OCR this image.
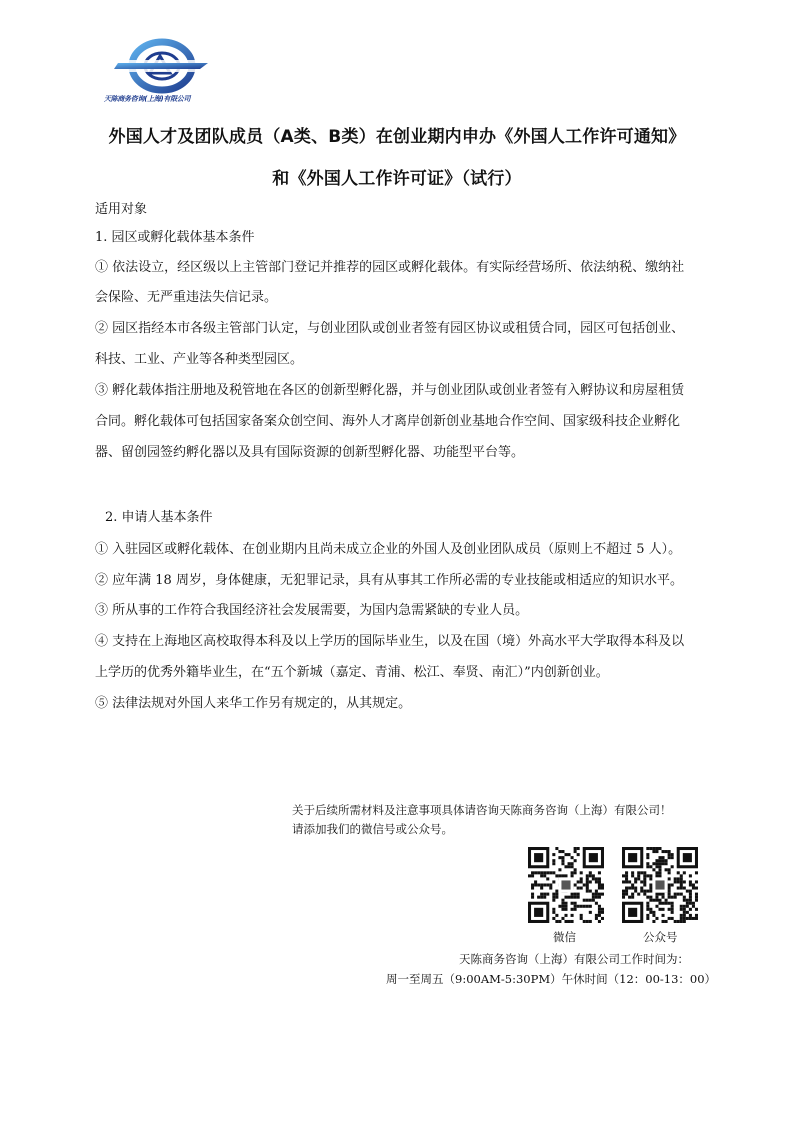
天陈商务咨询(上海)有限公司
外国人才及团队成员（A类、B类）在创业期内申办《外国人工作许可通知》
和《外国人工作许可证》（试行）
适用对象
1. 园区或孵化载体基本条件
① 依法设立，经区级以上主管部门登记并推荐的园区或孵化载体。有实际经营场所、依法纳税、缴纳社
会保险、无严重违法失信记录。
② 园区指经本市各级主管部门认定，与创业团队或创业者签有园区协议或租赁合同，园区可包括创业、
科技、工业、产业等各种类型园区。
③ 孵化载体指注册地及税管地在各区的创新型孵化器，并与创业团队或创业者签有入孵协议和房屋租赁
合同。孵化载体可包括国家备案众创空间、海外人才离岸创新创业基地合作空间、国家级科技企业孵化
器、留创园签约孵化器以及具有国际资源的创新型孵化器、功能型平台等。
2. 申请人基本条件
① 入驻园区或孵化载体、在创业期内且尚未成立企业的外国人及创业团队成员（原则上不超过 5 人）。
② 应年满 18 周岁，身体健康，无犯罪记录，具有从事其工作所必需的专业技能或相适应的知识水平。
③ 所从事的工作符合我国经济社会发展需要，为国内急需紧缺的专业人员。
④ 支持在上海地区高校取得本科及以上学历的国际毕业生，以及在国（境）外高水平大学取得本科及以
上学历的优秀外籍毕业生，在“五个新城（嘉定、青浦、松江、奉贤、南汇）”内创新创业。
⑤ 法律法规对外国人来华工作另有规定的，从其规定。
关于后续所需材料及注意事项具体请咨询天陈商务咨询（上海）有限公司！
请添加我们的微信号或公众号。
微信	公众号
天陈商务咨询（上海）有限公司工作时间为：
周一至周五（9:00AM-5:30PM）午休时间（12：00-13：00）
